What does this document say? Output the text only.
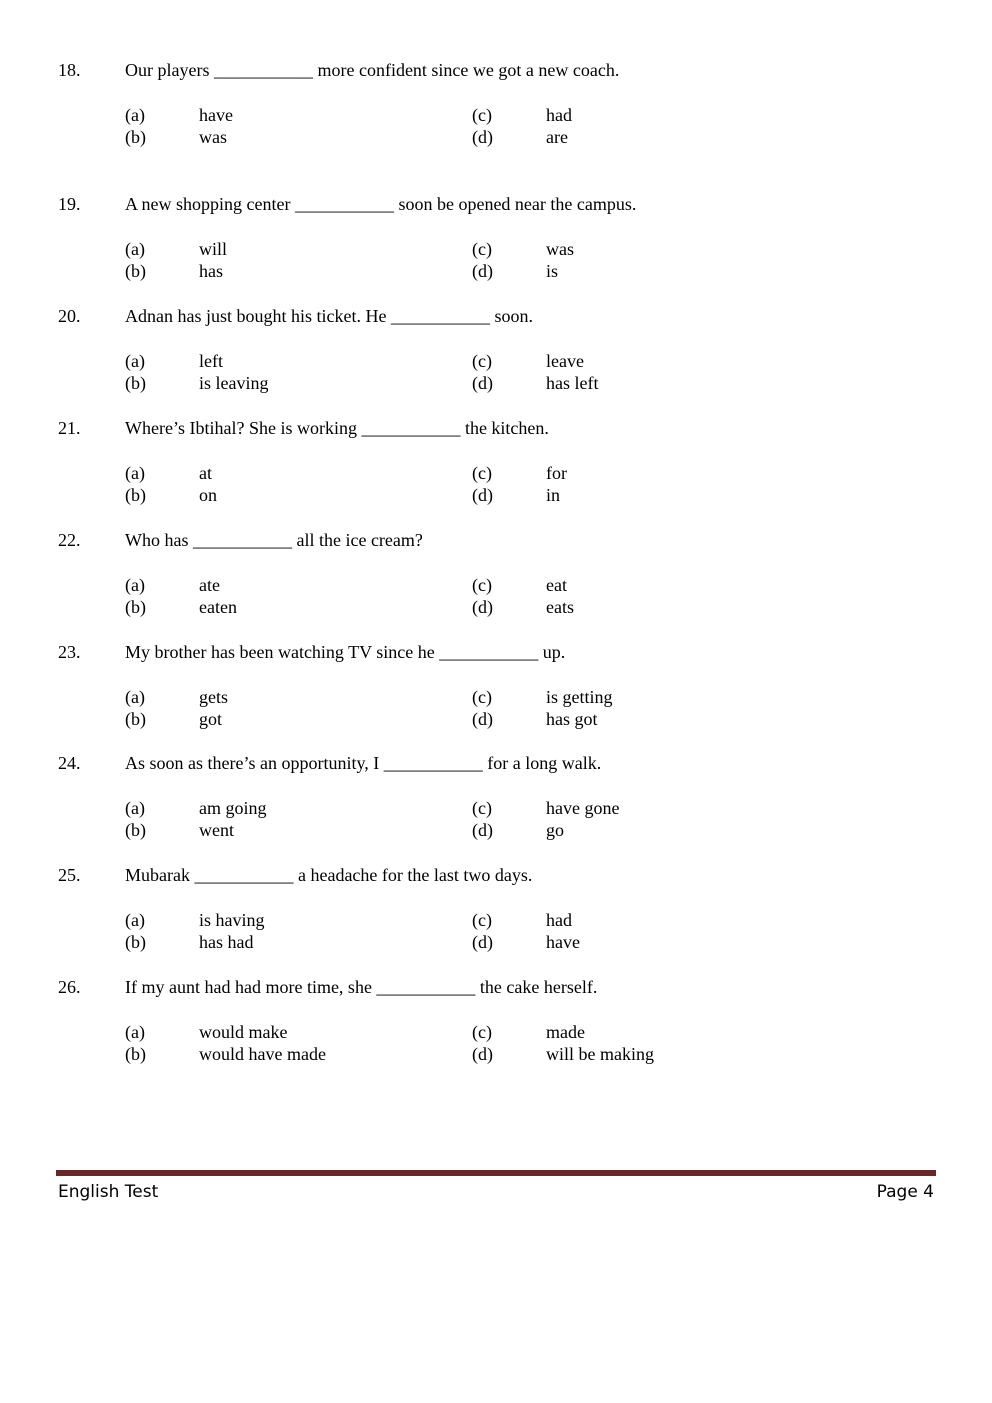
18. Our players ___________ more confident since we got a new coach.
(a)	have
(b)	was
(c)	had
(d)	are
19. A new shopping center ___________ soon be opened near the campus.
(a)	will
(b)	has
(c)	was
(d)	is
20. Adnan has just bought his ticket. He ___________ soon.
(a)	left
(b)	is leaving
(c)	leave
(d)	has left
21. Where’s Ibtihal? She is working ___________ the kitchen.
(a)	at
(b)	on
(c)	for
(d)	in
22. Who has ___________ all the ice cream?
(a)	ate
(b)	eaten
(c)	eat
(d)	eats
23. My brother has been watching TV since he ___________ up.
(a)	gets
(b)	got
(c)	is getting
(d)	has got
24. As soon as there’s an opportunity, I ___________ for a long walk.
(a)	am going
(b)	went
(c)	have gone
(d)	go
25. Mubarak ___________ a headache for the last two days.
(a)	is having
(b)	has had
(c)	had
(d)	have
26. If my aunt had had more time, she ___________ the cake herself.
(a)	would make
(b)	would have made
(c)	made
(d)	will be making
English Test	Page 4
